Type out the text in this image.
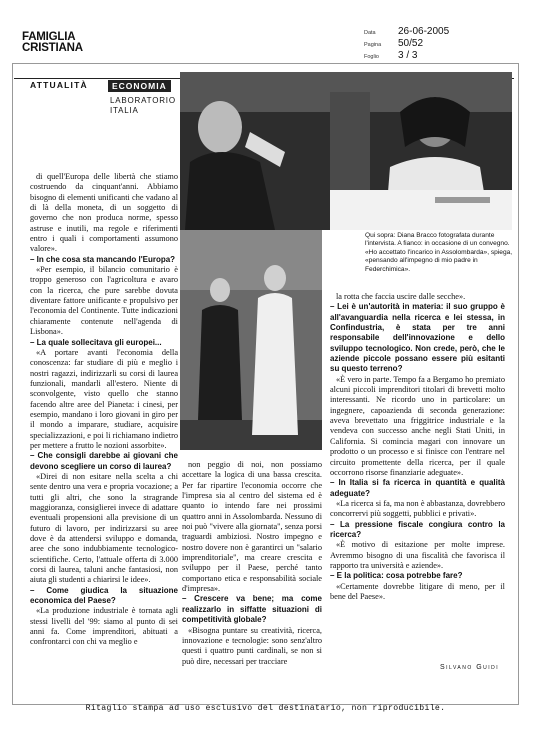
FAMIGLIA
CRISTIANA
Data	26-06-2005
Pagina	50/52
Foglio	3 / 3
ATTUALITÀ	ECONOMIA
LABORATORIO
ITALIA
Qui sopra: Diana Bracco fotografata durante l'intervista. A fianco: in occasione di un convegno. «Ho accettato l'incarico in Assolombarda», spiega, «pensando all'impegno di mio padre in Federchimica».

di quell'Europa delle libertà che stiamo costruendo da cinquant'anni. Abbiamo bisogno di elementi unificanti che vadano al di là della moneta, di un soggetto di governo che non produca norme, spesso astruse e inutili, ma regole e riferimenti entro i quali i comportamenti assumono valore».

– In che cosa sta mancando l'Europa?

«Per esempio, il bilancio comunitario è troppo generoso con l'agricoltura e avaro con la ricerca, che pure sarebbe dovuta diventare fattore unificante e propulsivo per l'economia del Continente. Tutte indicazioni chiaramente contenute nell'agenda di Lisbona».

– La quale sollecitava gli europei...

«A portare avanti l'economia della conoscenza: far studiare di più e meglio i nostri ragazzi, indirizzarli su corsi di laurea funzionali, mandarli all'estero. Niente di sconvolgente, visto quello che stanno facendo altre aree del Pianeta: i cinesi, per esempio, mandano i loro giovani in giro per il mondo a imparare, studiare, acquisire specializzazioni, e poi li richiamano indietro per mettere a frutto le nozioni assorbite».

– Che consigli darebbe ai giovani che devono scegliere un corso di laurea?

«Direi di non esitare nella scelta a chi sente dentro una vera e propria vocazione; a tutti gli altri, che sono la stragrande maggioranza, consiglierei invece di adattare eventuali propensioni alla previsione di un futuro di lavoro, per indirizzarsi su aree dove è da attendersi sviluppo e domanda, aree che sono indubbiamente tecnologico-scientifiche. Certo, l'attuale offerta di 3.000 corsi di laurea, taluni anche fantasiosi, non aiuta gli studenti a chiarirsi le idee».

– Come giudica la situazione economica del Paese?

«La produzione industriale è tornata agli stessi livelli del '99: siamo al punto di sei anni fa. Come imprenditori, abituati a confrontarci con chi va meglio e

non peggio di noi, non possiamo accettare la logica di una bassa crescita. Per far ripartire l'economia occorre che l'impresa sia al centro del sistema ed è quanto io intendo fare nei prossimi quattro anni in Assolombarda. Nessuno di noi può "vivere alla giornata", senza porsi traguardi ambiziosi. Nostro impegno e nostro dovere non è garantirci un "salario imprenditoriale", ma creare crescita e sviluppo per il Paese, perché tanto comportano etica e responsabilità sociale d'impresa».

– Crescere va bene; ma come realizzarlo in siffatte situazioni di competitività globale?

«Bisogna puntare su creatività, ricerca, innovazione e tecnologie: sono senz'altro questi i quattro punti cardinali, se non si può dire, necessari per tracciare

la rotta che faccia uscire dalle secche».

– Lei è un'autorità in materia: il suo gruppo è all'avanguardia nella ricerca e lei stessa, in Confindustria, è stata per tre anni responsabile dell'innovazione e dello sviluppo tecnologico. Non crede, però, che le aziende piccole possano essere più esitanti su questo terreno?

«È vero in parte. Tempo fa a Bergamo ho premiato alcuni piccoli imprenditori titolari di brevetti molto interessanti. Ne ricordo uno in particolare: un ingegnere, capoazienda di seconda generazione: aveva brevettato una friggitrice industriale e la vendeva con successo anche negli Stati Uniti, in California. Si comincia magari con innovare un prodotto o un processo e si finisce con l'entrare nel circuito promettente della ricerca, per il quale occorrono risorse finanziarie adeguate».

– In Italia si fa ricerca in quantità e qualità adeguate?

«La ricerca si fa, ma non è abbastanza, dovrebbero concorrervi più soggetti, pubblici e privati».

– La pressione fiscale congiura contro la ricerca?

«È motivo di esitazione per molte imprese. Avremmo bisogno di una fiscalità che favorisca il rapporto tra università e aziende».

– E la politica: cosa potrebbe fare?

«Certamente dovrebbe litigare di meno, per il bene del Paese».

Silvano Guidi
Ritaglio stampa ad uso esclusivo del destinatario, non riproducibile.
